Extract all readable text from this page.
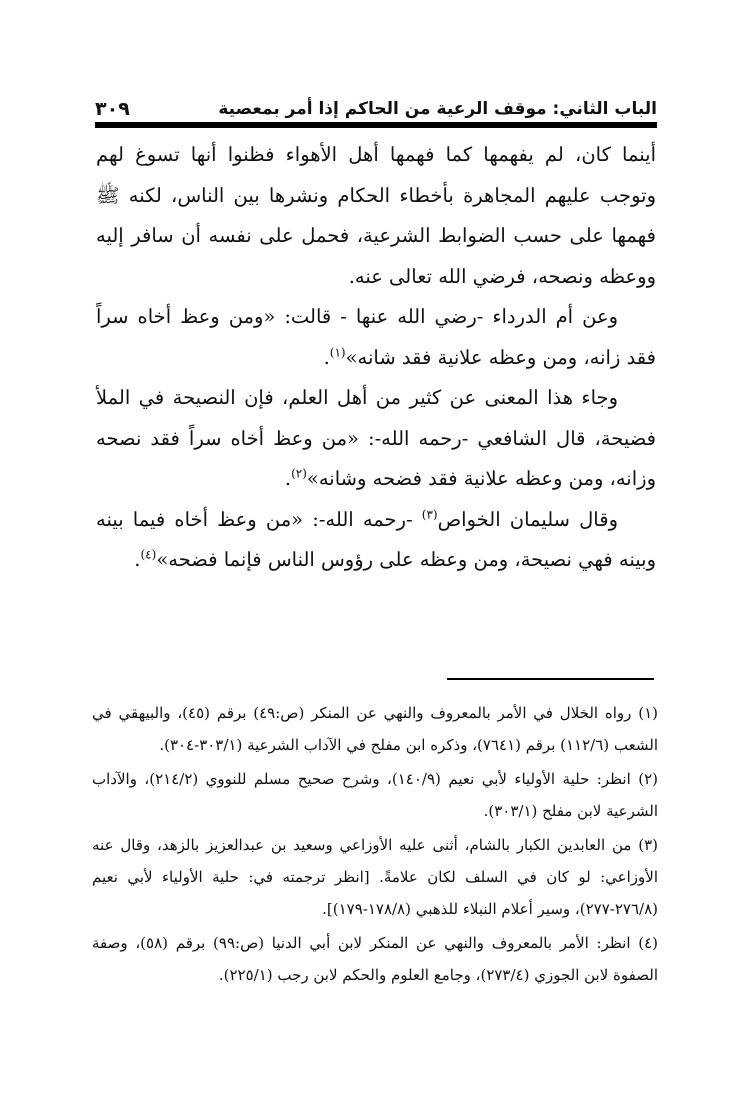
الباب الثاني: موقف الرعية من الحاكم إذا أمر بمعصية
٣٠٩

أينما كان، لم يفهمها كما فهمها أهل الأهواء فظنوا أنها تسوغ لهم وتوجب عليهم المجاهرة بأخطاء الحكام ونشرها بين الناس، لكنه ﷺ فهمها على حسب الضوابط الشرعية، فحمل على نفسه أن سافر إليه ووعظه ونصحه، فرضي الله تعالى عنه.

وعن أم الدرداء -رضي الله عنها - قالت: «ومن وعظ أخاه سراً فقد زانه، ومن وعظه علانية فقد شانه»$^{(١)}$.

وجاء هذا المعنى عن كثير من أهل العلم، فإن النصيحة في الملأ فضيحة، قال الشافعي -رحمه الله-: «من وعظ أخاه سراً فقد نصحه وزانه، ومن وعظه علانية فقد فضحه وشانه»$^{(٢)}$.

وقال سليمان الخواص$^{(٣)}$ -رحمه الله-: «من وعظ أخاه فيما بينه وبينه فهي نصيحة، ومن وعظه على رؤوس الناس فإنما فضحه»$^{(٤)}$.

(١) رواه الخلال في الأمر بالمعروف والنهي عن المنكر (ص:٤٩) برقم (٤٥)، والبيهقي في الشعب (١١٢/٦) برقم (٧٦٤١)، وذكره ابن مفلح في الآداب الشرعية (٣٠٣/١-٣٠٤).

(٢) انظر: حلية الأولياء لأبي نعيم (١٤٠/٩)، وشرح صحيح مسلم للنووي (٢١٤/٢)، والآداب الشرعية لابن مفلح (٣٠٣/١).

(٣) من العابدين الكبار بالشام، أثنى عليه الأوزاعي وسعيد بن عبدالعزيز بالزهد، وقال عنه الأوزاعي: لو كان في السلف لكان علامةً. [انظر ترجمته في: حلية الأولياء لأبي نعيم (٢٧٦/٨-٢٧٧)، وسير أعلام النبلاء للذهبي (١٧٨/٨-١٧٩)].

(٤) انظر: الأمر بالمعروف والنهي عن المنكر لابن أبي الدنيا (ص:٩٩) برقم (٥٨)، وصفة الصفوة لابن الجوزي (٢٧٣/٤)، وجامع العلوم والحكم لابن رجب (٢٢٥/١).
